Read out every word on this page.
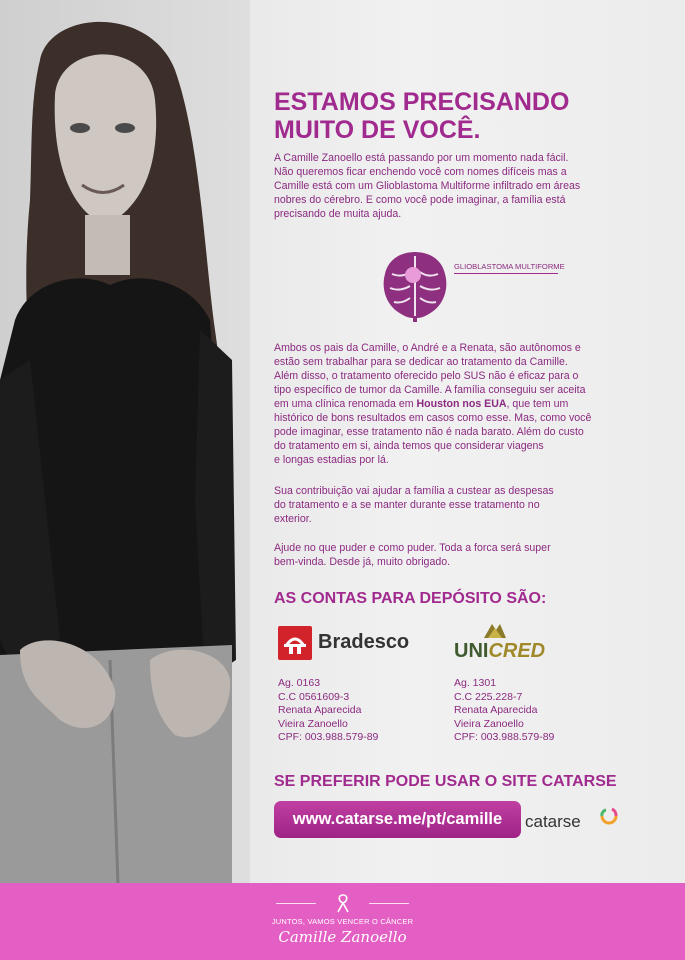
ESTAMOS PRECISANDO
MUITO DE VOCÊ.
A Camille Zanoello está passando por um momento nada fácil.
Não queremos ficar enchendo você com nomes difíceis mas a
Camille está com um Glioblastoma Multiforme infiltrado em áreas
nobres do cérebro. E como você pode imaginar, a família está
precisando de muita ajuda.
GLIOBLASTOMA MULTIFORME
Ambos os pais da Camille, o André e a Renata, são autônomos e
estão sem trabalhar para se dedicar ao tratamento da Camille.
Além disso, o tratamento oferecido pelo SUS não é eficaz para o
tipo específico de tumor da Camille. A família conseguiu ser aceita
em uma clínica renomada em Houston nos EUA, que tem um
histórico de bons resultados em casos como esse. Mas, como você
pode imaginar, esse tratamento não é nada barato. Além do custo
do tratamento em si, ainda temos que considerar viagens
e longas estadias por lá.
Sua contribuição vai ajudar a família a custear as despesas
do tratamento e a se manter durante esse tratamento no
exterior.
Ajude no que puder e como puder. Toda a forca será super
bem-vinda. Desde já, muito obrigado.
AS CONTAS PARA DEPÓSITO SÃO:
Bradesco
Ag. 0163
C.C 0561609-3
Renata Aparecida
Vieira Zanoello
CPF: 003.988.579-89
UNICRED
Ag. 1301
C.C 225.228-7
Renata Aparecida
Vieira Zanoello
CPF: 003.988.579-89
SE PREFERIR PODE USAR O SITE CATARSE
www.catarse.me/pt/camille	catarse
JUNTOS, VAMOS VENCER O CÂNCER
Camille Zanoello
